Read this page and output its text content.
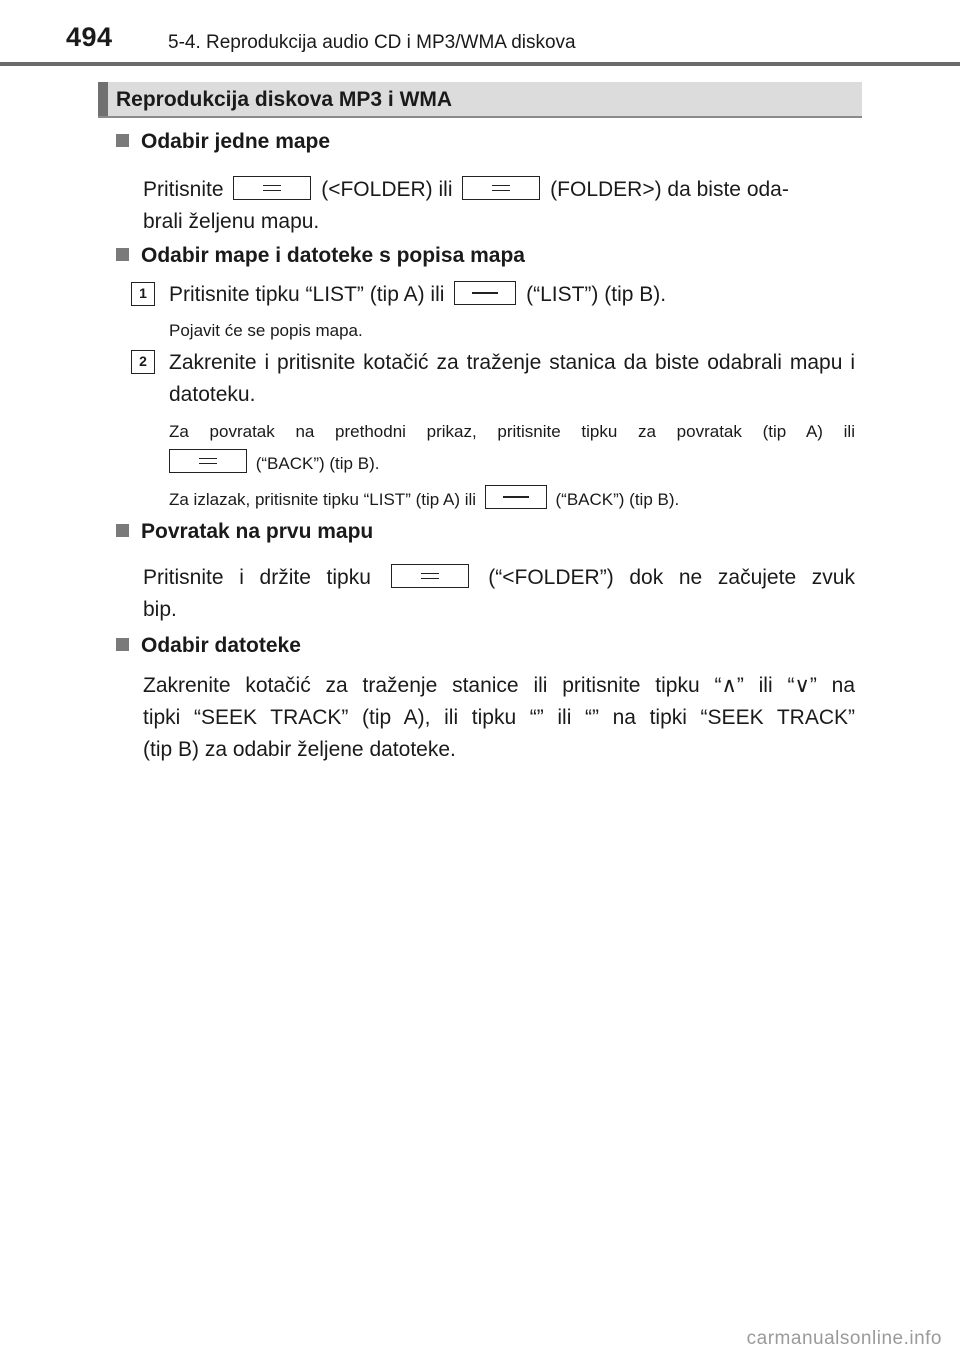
494	5-4. Reprodukcija audio CD i MP3/WMA diskova
Reprodukcija diskova MP3 i WMA
Odabir jedne mape
Pritisnite	(<FOLDER) ili	(FOLDER>) da biste oda-
brali željenu mapu.
Odabir mape i datoteke s popisa mapa
1	Pritisnite tipku “LIST” (tip A) ili	(“LIST”) (tip B).
Pojavit će se popis mapa.
2	Zakrenite i pritisnite kotačić za traženje stanica da biste odabrali mapu i datoteku.
Za povratak na prethodni prikaz, pritisnite tipku za povratak (tip A) ili
(“BACK”) (tip B).
Za izlazak, pritisnite tipku “LIST” (tip A) ili	(“BACK”) (tip B).
Povratak na prvu mapu
Pritisnite i držite tipku	(“<FOLDER”) dok ne začujete zvuk
bip.
Odabir datoteke
Zakrenite kotačić za traženje stanice ili pritisnite tipku “∧” ili “∨” na
tipki “SEEK TRACK” (tip A), ili tipku “” ili “” na tipki “SEEK TRACK”
(tip B) za odabir željene datoteke.
carmanualsonline.info
